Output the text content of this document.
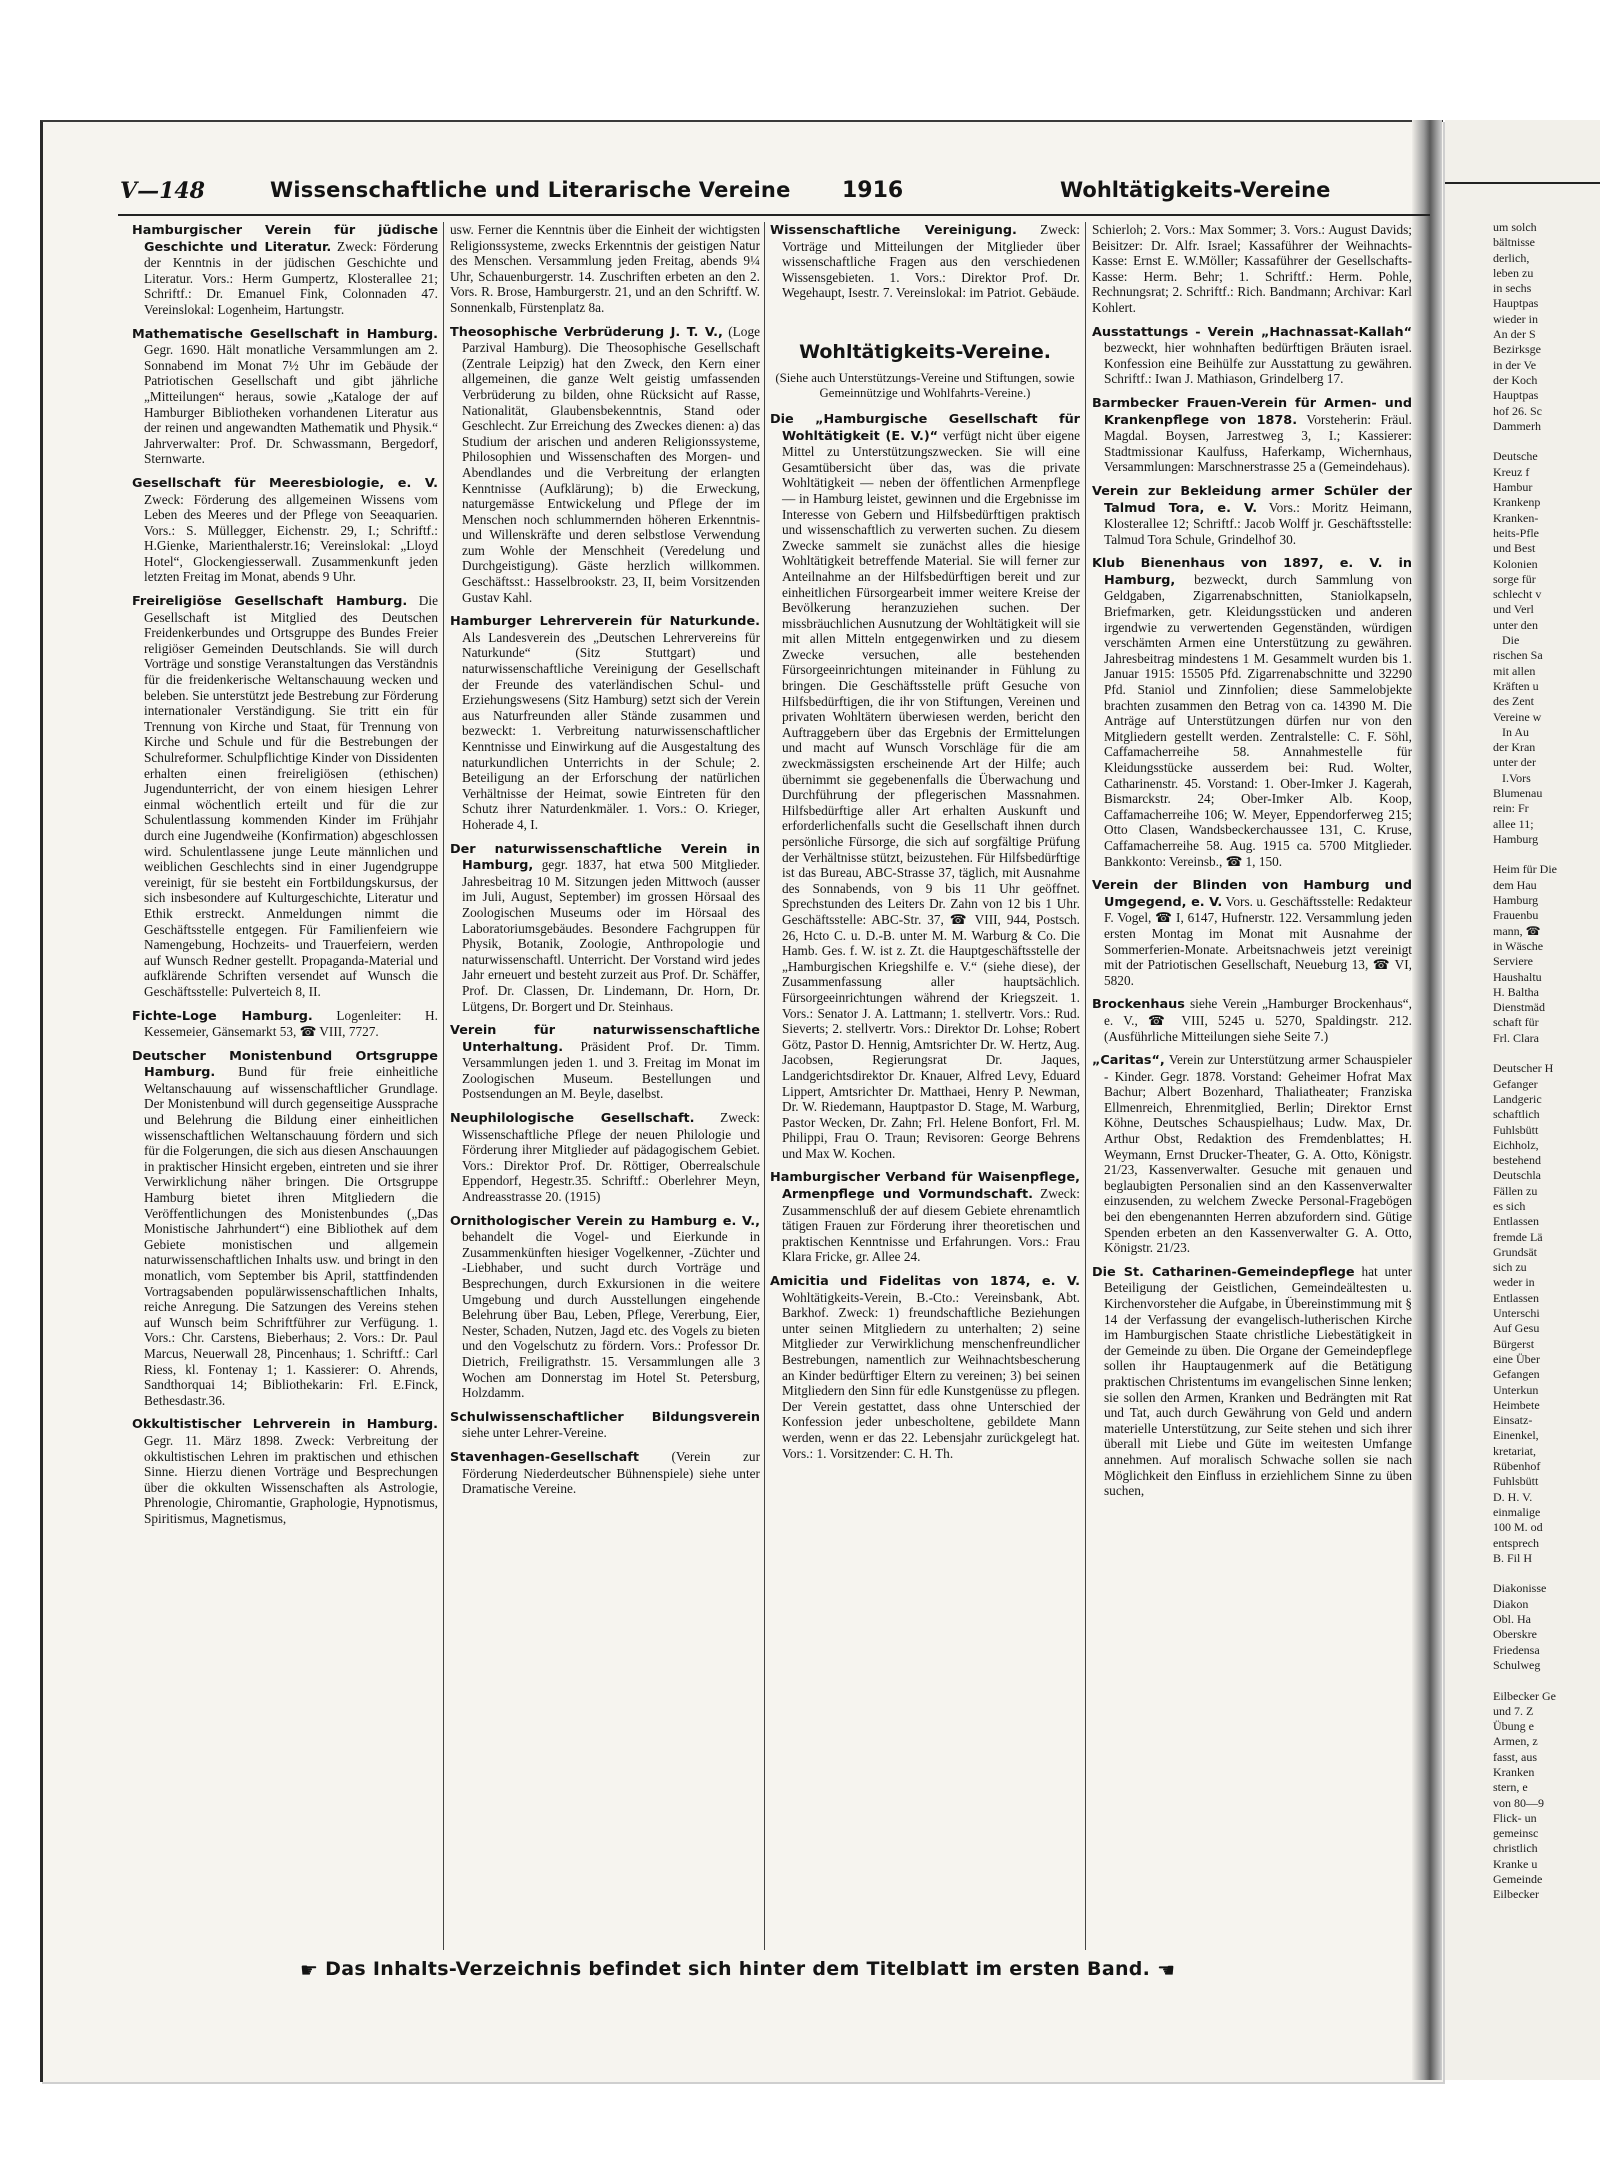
um solch
bältnisse
derlich,
leben zu
in sechs
Hauptpas
wieder in
An der S
Bezirksge
in der Ve
der Koch
Hauptpas
hof 26. Sc
Dammerh

Deutsche
Kreuz f
Hambur
Krankenp
Kranken-
heits-Pfle
und Best
Kolonien
sorge für
schlecht v
und Verl
unter den
Die
rischen Sa
mit allen
Kräften u
des Zent
Vereine w
In Au
der Kran
unter der
I.Vors
Blumenau
rein: Fr
allee 11;
Hamburg

Heim für Die
dem Hau
Hamburg
Frauenbu
mann, ☎
in Wäsche
Serviere
Haushaltu
H. Baltha
Dienstmäd
schaft für
Frl. Clara

Deutscher H
Gefanger
Landgeric
schaftlich
Fuhlsbütt
Eichholz,
bestehend
Deutschla
Fällen zu
es sich
Entlassen
fremde Lä
Grundsät
sich zu
weder in
Entlassen
Unterschi
Auf Gesu
Bürgerst
eine Über
Gefangen
Unterkun
Heimbete
Einsatz-
Einenkel,
kretariat,
Rübenhof
Fuhlsbütt
D. H. V.
einmalige
100 M. od
entsprech
B. Fil H

Diakonisse
Diakon
Obl. Ha
Oberskre
Friedensa
Schulweg

Eilbecker Ge
und 7. Z
Übung e
Armen, z
fasst, aus
Kranken
stern, e
von 80—9
Flick- un
gemeinsc
christlich
Kranke u
Gemeinde
Eilbecker
V—148	Wissenschaftliche und Literarische Vereine 1916	Wohltätigkeits-Vereine

Hamburgischer Verein für jüdische Geschichte und Literatur. Zweck: Förderung der Kenntnis in der jüdischen Geschichte und Literatur. Vors.: Herm Gumpertz, Klosterallee 21; Schriftf.: Dr. Emanuel Fink, Colonnaden 47. Vereinslokal: Logenheim, Hartungstr.

Mathematische Gesellschaft in Hamburg. Gegr. 1690. Hält monatliche Versammlungen am 2. Sonnabend im Monat 7½ Uhr im Gebäude der Patriotischen Gesellschaft und gibt jährliche „Mitteilungen“ heraus, sowie „Kataloge der auf Hamburger Bibliotheken vorhandenen Literatur aus der reinen und angewandten Mathematik und Physik.“ Jahrverwalter: Prof. Dr. Schwassmann, Bergedorf, Sternwarte.

Gesellschaft für Meeresbiologie, e. V. Zweck: Förderung des allgemeinen Wissens vom Leben des Meeres und der Pflege von Seeaquarien. Vors.: S. Müllegger, Eichenstr. 29, I.; Schriftf.: H.Gienke, Marienthalerstr.16; Vereinslokal: „Lloyd Hotel“, Glockengiesserwall. Zusammenkunft jeden letzten Freitag im Monat, abends 9 Uhr.

Freireligiöse Gesellschaft Hamburg. Die Gesellschaft ist Mitglied des Deutschen Freidenkerbundes und Ortsgruppe des Bundes Freier religiöser Gemeinden Deutschlands. Sie will durch Vorträge und sonstige Veranstaltungen das Verständnis für die freidenkerische Weltanschauung wecken und beleben. Sie unterstützt jede Bestrebung zur Förderung internationaler Verständigung. Sie tritt ein für Trennung von Kirche und Staat, für Trennung von Kirche und Schule und für die Bestrebungen der Schulreformer. Schulpflichtige Kinder von Dissidenten erhalten einen freireligiösen (ethischen) Jugendunterricht, der von einem hiesigen Lehrer einmal wöchentlich erteilt und für die zur Schulentlassung kommenden Kinder im Frühjahr durch eine Jugendweihe (Konfirmation) abgeschlossen wird. Schulentlassene junge Leute männlichen und weiblichen Geschlechts sind in einer Jugendgruppe vereinigt, für sie besteht ein Fortbildungskursus, der sich insbesondere auf Kulturgeschichte, Literatur und Ethik erstreckt. Anmeldungen nimmt die Geschäftsstelle entgegen. Für Familienfeiern wie Namengebung, Hochzeits- und Trauerfeiern, werden auf Wunsch Redner gestellt. Propaganda-Material und aufklärende Schriften versendet auf Wunsch die Geschäftsstelle: Pulverteich 8, II.

Fichte-Loge Hamburg. Logenleiter: H. Kessemeier, Gänsemarkt 53, ☎ VIII, 7727.

Deutscher Monistenbund Ortsgruppe Hamburg. Bund für freie einheitliche Weltanschauung auf wissenschaftlicher Grundlage. Der Monistenbund will durch gegenseitige Aussprache und Belehrung die Bildung einer einheitlichen wissenschaftlichen Weltanschauung fördern und sich für die Folgerungen, die sich aus diesen Anschauungen in praktischer Hinsicht ergeben, eintreten und sie ihrer Verwirklichung näher bringen. Die Ortsgruppe Hamburg bietet ihren Mitgliedern die Veröffentlichungen des Monistenbundes („Das Monistische Jahrhundert“) eine Bibliothek auf dem Gebiete monistischen und allgemein naturwissenschaftlichen Inhalts usw. und bringt in den monatlich, vom September bis April, stattfindenden Vortragsabenden populärwissenschaftlichen Inhalts, reiche Anregung. Die Satzungen des Vereins stehen auf Wunsch beim Schriftführer zur Verfügung. 1. Vors.: Chr. Carstens, Bieberhaus; 2. Vors.: Dr. Paul Marcus, Neuerwall 28, Pincenhaus; 1. Schriftf.: Carl Riess, kl. Fontenay 1; 1. Kassierer: O. Ahrends, Sandthorquai 14; Bibliothekarin: Frl. E.Finck, Bethesdastr.36.

Okkultistischer Lehrverein in Hamburg. Gegr. 11. März 1898. Zweck: Verbreitung der okkultistischen Lehren im praktischen und ethischen Sinne. Hierzu dienen Vorträge und Besprechungen über die okkulten Wissenschaften als Astrologie, Phrenologie, Chiromantie, Graphologie, Hypnotismus, Spiritismus, Magnetismus,

usw. Ferner die Kenntnis über die Einheit der wichtigsten Religionssysteme, zwecks Erkenntnis der geistigen Natur des Menschen. Versammlung jeden Freitag, abends 9¼ Uhr, Schauenburgerstr. 14. Zuschriften erbeten an den 2. Vors. R. Brose, Hamburgerstr. 21, und an den Schriftf. W. Sonnenkalb, Fürstenplatz 8a.

Theosophische Verbrüderung J. T. V., (Loge Parzival Hamburg). Die Theosophische Gesellschaft (Zentrale Leipzig) hat den Zweck, den Kern einer allgemeinen, die ganze Welt geistig umfassenden Verbrüderung zu bilden, ohne Rücksicht auf Rasse, Nationalität, Glaubensbekenntnis, Stand oder Geschlecht. Zur Erreichung des Zweckes dienen: a) das Studium der arischen und anderen Religionssysteme, Philosophien und Wissenschaften des Morgen- und Abendlandes und die Verbreitung der erlangten Kenntnisse (Aufklärung); b) die Erweckung, naturgemässe Entwickelung und Pflege der im Menschen noch schlummernden höheren Erkenntnis- und Willenskräfte und deren selbstlose Verwendung zum Wohle der Menschheit (Veredelung und Durchgeistigung). Gäste herzlich willkommen. Geschäftsst.: Hasselbrookstr. 23, II, beim Vorsitzenden Gustav Kahl.

Hamburger Lehrerverein für Naturkunde. Als Landesverein des „Deutschen Lehrervereins für Naturkunde“ (Sitz Stuttgart) und naturwissenschaftliche Vereinigung der Gesellschaft der Freunde des vaterländischen Schul- und Erziehungswesens (Sitz Hamburg) setzt sich der Verein aus Naturfreunden aller Stände zusammen und bezweckt: 1. Verbreitung naturwissenschaftlicher Kenntnisse und Einwirkung auf die Ausgestaltung des naturkundlichen Unterrichts in der Schule; 2. Beteiligung an der Erforschung der natürlichen Verhältnisse der Heimat, sowie Eintreten für den Schutz ihrer Naturdenkmäler. 1. Vors.: O. Krieger, Hoherade 4, I.

Der naturwissenschaftliche Verein in Hamburg, gegr. 1837, hat etwa 500 Mitglieder. Jahresbeitrag 10 M. Sitzungen jeden Mittwoch (ausser im Juli, August, September) im grossen Hörsaal des Zoologischen Museums oder im Hörsaal des Laboratoriumsgebäudes. Besondere Fachgruppen für Physik, Botanik, Zoologie, Anthropologie und naturwissenschaftl. Unterricht. Der Vorstand wird jedes Jahr erneuert und besteht zurzeit aus Prof. Dr. Schäffer, Prof. Dr. Classen, Dr. Lindemann, Dr. Horn, Dr. Lütgens, Dr. Borgert und Dr. Steinhaus.

Verein für naturwissenschaftliche Unterhaltung. Präsident Prof. Dr. Timm. Versammlungen jeden 1. und 3. Freitag im Monat im Zoologischen Museum. Bestellungen und Postsendungen an M. Beyle, daselbst.

Neuphilologische Gesellschaft. Zweck: Wissenschaftliche Pflege der neuen Philologie und Förderung ihrer Mitglieder auf pädagogischem Gebiet. Vors.: Direktor Prof. Dr. Röttiger, Oberrealschule Eppendorf, Hegestr.35. Schriftf.: Oberlehrer Meyn, Andreasstrasse 20. (1915)

Ornithologischer Verein zu Hamburg e. V., behandelt die Vogel- und Eierkunde in Zusammenkünften hiesiger Vogelkenner, -Züchter und -Liebhaber, und sucht durch Vorträge und Besprechungen, durch Exkursionen in die weitere Umgebung und durch Ausstellungen eingehende Belehrung über Bau, Leben, Pflege, Vererbung, Eier, Nester, Schaden, Nutzen, Jagd etc. des Vogels zu bieten und den Vogelschutz zu fördern. Vors.: Professor Dr. Dietrich, Freiligrathstr. 15. Versammlungen alle 3 Wochen am Donnerstag im Hotel St. Petersburg, Holzdamm.

Schulwissenschaftlicher Bildungsverein siehe unter Lehrer-Vereine.

Stavenhagen-Gesellschaft (Verein zur Förderung Niederdeutscher Bühnenspiele) siehe unter Dramatische Vereine.

Wissenschaftliche Vereinigung. Zweck: Vorträge und Mitteilungen der Mitglieder über wissenschaftliche Fragen aus den verschiedenen Wissensgebieten. 1. Vors.: Direktor Prof. Dr. Wegehaupt, Isestr. 7. Vereinslokal: im Patriot. Gebäude.

Wohltätigkeits-Vereine.
(Siehe auch Unterstützungs-Vereine und Stiftungen, sowie Gemeinnützige und Wohlfahrts-Vereine.)

Die „Hamburgische Gesellschaft für Wohltätigkeit (E. V.)“ verfügt nicht über eigene Mittel zu Unterstützungszwecken. Sie will eine Gesamtübersicht über das, was die private Wohltätigkeit — neben der öffentlichen Armenpflege — in Hamburg leistet, gewinnen und die Ergebnisse im Interesse von Gebern und Hilfsbedürftigen praktisch und wissenschaftlich zu verwerten suchen. Zu diesem Zwecke sammelt sie zunächst alles die hiesige Wohltätigkeit betreffende Material. Sie will ferner zur Anteilnahme an der Hilfsbedürftigen bereit und zur einheitlichen Fürsorgearbeit immer weitere Kreise der Bevölkerung heranzuziehen suchen. Der missbräuchlichen Ausnutzung der Wohltätigkeit will sie mit allen Mitteln entgegenwirken und zu diesem Zwecke versuchen, alle bestehenden Fürsorgeeinrichtungen miteinander in Fühlung zu bringen. Die Geschäftsstelle prüft Gesuche von Hilfsbedürftigen, die ihr von Stiftungen, Vereinen und privaten Wohltätern überwiesen werden, bericht den Auftraggebern über das Ergebnis der Ermittelungen und macht auf Wunsch Vorschläge für die am zweckmässigsten erscheinende Art der Hilfe; auch übernimmt sie gegebenenfalls die Überwachung und Durchführung der pflegerischen Massnahmen. Hilfsbedürftige aller Art erhalten Auskunft und erforderlichenfalls sucht die Gesellschaft ihnen durch persönliche Fürsorge, die sich auf sorgfältige Prüfung der Verhältnisse stützt, beizustehen. Für Hilfsbedürftige ist das Bureau, ABC-Strasse 37, täglich, mit Ausnahme des Sonnabends, von 9 bis 11 Uhr geöffnet. Sprechstunden des Leiters Dr. Zahn von 12 bis 1 Uhr. Geschäftsstelle: ABC-Str. 37, ☎ VIII, 944, Postsch. 26, Hcto C. u. D.-B. unter M. M. Warburg & Co. Die Hamb. Ges. f. W. ist z. Zt. die Hauptgeschäftsstelle der „Hamburgischen Kriegshilfe e. V.“ (siehe diese), der Zusammenfassung aller hauptsächlich. Fürsorgeeinrichtungen während der Kriegszeit. 1. Vors.: Senator J. A. Lattmann; 1. stellvertr. Vors.: Rud. Sieverts; 2. stellvertr. Vors.: Direktor Dr. Lohse; Robert Götz, Pastor D. Hennig, Amtsrichter Dr. W. Hertz, Aug. Jacobsen, Regierungsrat Dr. Jaques, Landgerichtsdirektor Dr. Knauer, Alfred Levy, Eduard Lippert, Amtsrichter Dr. Matthaei, Henry P. Newman, Dr. W. Riedemann, Hauptpastor D. Stage, M. Warburg, Pastor Wecken, Dr. Zahn; Frl. Helene Bonfort, Frl. M. Philippi, Frau O. Traun; Revisoren: George Behrens und Max W. Kochen.

Hamburgischer Verband für Waisenpflege, Armenpflege und Vormundschaft. Zweck: Zusammenschluß der auf diesem Gebiete ehrenamtlich tätigen Frauen zur Förderung ihrer theoretischen und praktischen Kenntnisse und Erfahrungen. Vors.: Frau Klara Fricke, gr. Allee 24.

Amicitia und Fidelitas von 1874, e. V. Wohltätigkeits-Verein, B.-Cto.: Vereinsbank, Abt. Barkhof. Zweck: 1) freundschaftliche Beziehungen unter seinen Mitgliedern zu unterhalten; 2) seine Mitglieder zur Verwirklichung menschenfreundlicher Bestrebungen, namentlich zur Weihnachtsbescherung an Kinder bedürftiger Eltern zu vereinen; 3) bei seinen Mitgliedern den Sinn für edle Kunstgenüsse zu pflegen. Der Verein gestattet, dass ohne Unterschied der Konfession jeder unbescholtene, gebildete Mann werden, wenn er das 22. Lebensjahr zurückgelegt hat. Vors.: 1. Vorsitzender: C. H. Th.

Schierloh; 2. Vors.: Max Sommer; 3. Vors.: August Davids; Beisitzer: Dr. Alfr. Israel; Kassaführer der Weihnachts-Kasse: Ernst E. W.Möller; Kassaführer der Gesellschafts-Kasse: Herm. Behr; 1. Schriftf.: Herm. Pohle, Rechnungsrat; 2. Schriftf.: Rich. Bandmann; Archivar: Karl Kohlert.

Ausstattungs - Verein „Hachnassat-Kallah“ bezweckt, hier wohnhaften bedürftigen Bräuten israel. Konfession eine Beihülfe zur Ausstattung zu gewähren. Schriftf.: Iwan J. Mathiason, Grindelberg 17.

Barmbecker Frauen-Verein für Armen- und Krankenpflege von 1878. Vorsteherin: Fräul. Magdal. Boysen, Jarrestweg 3, I.; Kassierer: Stadtmissionar Kaulfuss, Haferkamp, Wichernhaus, Versammlungen: Marschnerstrasse 25 a (Gemeindehaus).

Verein zur Bekleidung armer Schüler der Talmud Tora, e. V. Vors.: Moritz Heimann, Klosterallee 12; Schriftf.: Jacob Wolff jr. Geschäftsstelle: Talmud Tora Schule, Grindelhof 30.

Klub Bienenhaus von 1897, e. V. in Hamburg, bezweckt, durch Sammlung von Geldgaben, Zigarrenabschnitten, Staniolkapseln, Briefmarken, getr. Kleidungsstücken und anderen irgendwie zu verwertenden Gegenständen, würdigen verschämten Armen eine Unterstützung zu gewähren. Jahresbeitrag mindestens 1 M. Gesammelt wurden bis 1. Januar 1915: 15505 Pfd. Zigarrenabschnitte und 32290 Pfd. Staniol und Zinnfolien; diese Sammelobjekte brachten zusammen den Betrag von ca. 14390 M. Die Anträge auf Unterstützungen dürfen nur von den Mitgliedern gestellt werden. Zentralstelle: C. F. Söhl, Caffamacherreihe 58. Annahmestelle für Kleidungsstücke ausserdem bei: Rud. Wolter, Catharinenstr. 45. Vorstand: 1. Ober-Imker J. Kagerah, Bismarckstr. 24; Ober-Imker Alb. Koop, Caffamacherreihe 106; W. Meyer, Eppendorferweg 215; Otto Clasen, Wandsbeckerchaussee 131, C. Kruse, Caffamacherreihe 58. Aug. 1915 ca. 5700 Mitglieder. Bankkonto: Vereinsb., ☎ 1, 150.

Verein der Blinden von Hamburg und Umgegend, e. V. Vors. u. Geschäftsstelle: Redakteur F. Vogel, ☎ I, 6147, Hufnerstr. 122. Versammlung jeden ersten Montag im Monat mit Ausnahme der Sommerferien-Monate. Arbeitsnachweis jetzt vereinigt mit der Patriotischen Gesellschaft, Neueburg 13, ☎ VI, 5820.

Brockenhaus siehe Verein „Hamburger Brockenhaus“, e. V., ☎ VIII, 5245 u. 5270, Spaldingstr. 212. (Ausführliche Mitteilungen siehe Seite 7.)

„Caritas“, Verein zur Unterstützung armer Schauspieler - Kinder. Gegr. 1878. Vorstand: Geheimer Hofrat Max Bachur; Albert Bozenhard, Thaliatheater; Franziska Ellmenreich, Ehrenmitglied, Berlin; Direktor Ernst Köhne, Deutsches Schauspielhaus; Ludw. Max, Dr. Arthur Obst, Redaktion des Fremdenblattes; H. Weymann, Ernst Drucker-Theater, G. A. Otto, Königstr. 21/23, Kassenverwalter. Gesuche mit genauen und beglaubigten Personalien sind an den Kassenverwalter einzusenden, zu welchem Zwecke Personal-Fragebögen bei den ebengenannten Herren abzufordern sind. Gütige Spenden erbeten an den Kassenverwalter G. A. Otto, Königstr. 21/23.

Die St. Catharinen-Gemeindepflege hat unter Beteiligung der Geistlichen, Gemeindeältesten u. Kirchenvorsteher die Aufgabe, in Übereinstimmung mit § 14 der Verfassung der evangelisch-lutherischen Kirche im Hamburgischen Staate christliche Liebestätigkeit in der Gemeinde zu üben. Die Organe der Gemeindepflege sollen ihr Hauptaugenmerk auf die Betätigung praktischen Christentums im evangelischen Sinne lenken; sie sollen den Armen, Kranken und Bedrängten mit Rat und Tat, auch durch Gewährung von Geld und andern materielle Unterstützung, zur Seite stehen und sich ihrer überall mit Liebe und Güte im weitesten Umfange annehmen. Auf moralisch Schwache sollen sie nach Möglichkeit den Einfluss in erziehlichem Sinne zu üben suchen,

☛ Das Inhalts-Verzeichnis befindet sich hinter dem Titelblatt im ersten Band. ☚
